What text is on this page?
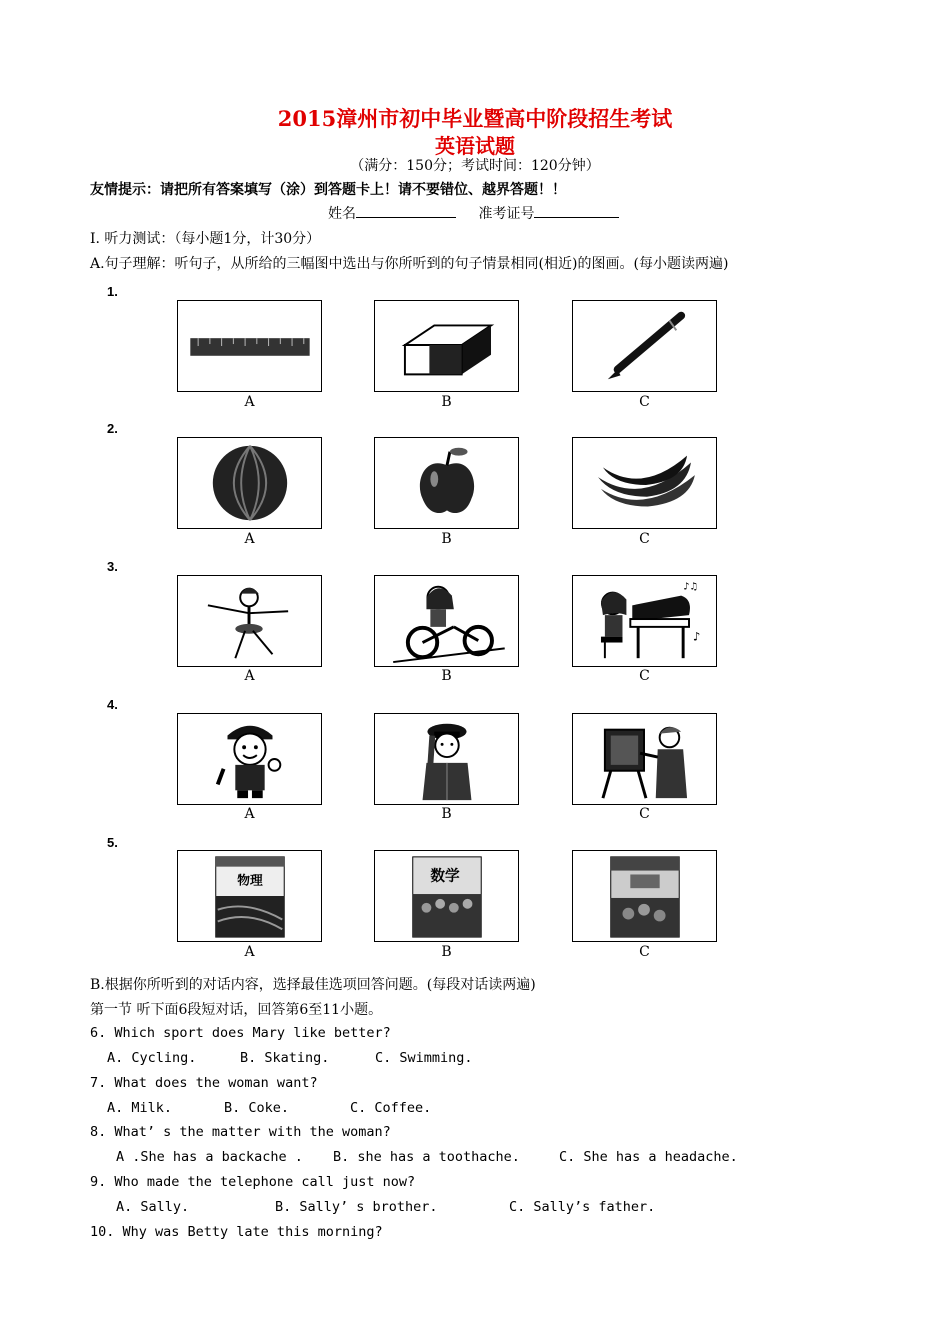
2015漳州市初中毕业暨高中阶段招生考试
英语试题
（满分：150分；考试时间：120分钟）
友情提示：请把所有答案填写（涂）到答题卡上！请不要错位、越界答题！！
姓名	准考证号
Ⅰ. 听力测试：（每小题1分，计30分）
A.句子理解：听句子，从所给的三幅图中选出与你所听到的句子情景相同(相近)的图画。(每小题读两遍)
1.
2.
3.
4.
5.
A	B	C
A	B	C
A	B
♪♫
♪
C
A	B	C
物理
A
数学
B	C
B.根据你所听到的对话内容，选择最佳选项回答问题。(每段对话读两遍)
第一节 听下面6段短对话，回答第6至11小题。
6. Which sport does Mary like better?
A. Cycling.	B. Skating.	C. Swimming.
7. What does the woman want?
A. Milk.	B. Coke.	C. Coffee.
8. What’ s the matter with the woman?
A .She has a backache . B. she has a toothache.	C. She has a headache.
9. Who made the telephone call just now?
A. Sally.	B. Sally’ s brother.	C. Sally’s father.
10. Why was Betty late this morning?
